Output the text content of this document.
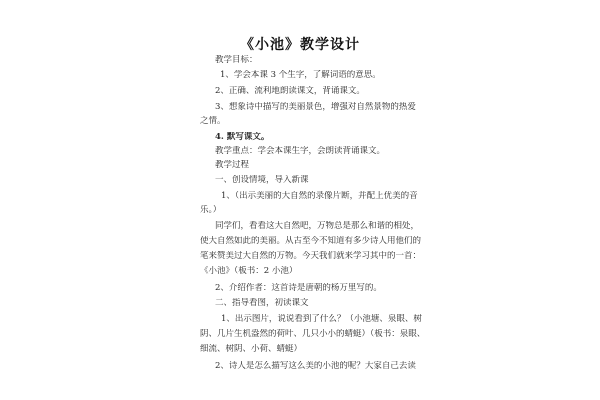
《小池》教学设计
教学目标：
1、学会本课 3 个生字，了解词语的意思。
2、正确、流利地朗读课文，背诵课文。
3、想象诗中描写的美丽景色，增强对自然景物的热爱
之情。
4. 默写课文。
教学重点：学会本课生字，会朗读背诵课文。
教学过程
一、创设情境，导入新课
1、（出示美丽的大自然的录像片断，并配上优美的音
乐。）
同学们，看看这大自然吧，万物总是那么和谐的相处，
使大自然如此的美丽。从古至今不知道有多少诗人用他们的
笔来赞美过大自然的万物。今天我们就来学习其中的一首：
《小池》（板书：2 小池）
2、介绍作者：这首诗是唐朝的杨万里写的。
二、指导看图，初读课文
1、出示图片，说说看到了什么？（小池塘、泉眼、树
阴、几片生机盎然的荷叶、几只小小的蜻蜓）（板书：泉眼、
细流、树阴、小荷、蜻蜓）
2、诗人是怎么描写这么美的小池的呢？大家自己去读
